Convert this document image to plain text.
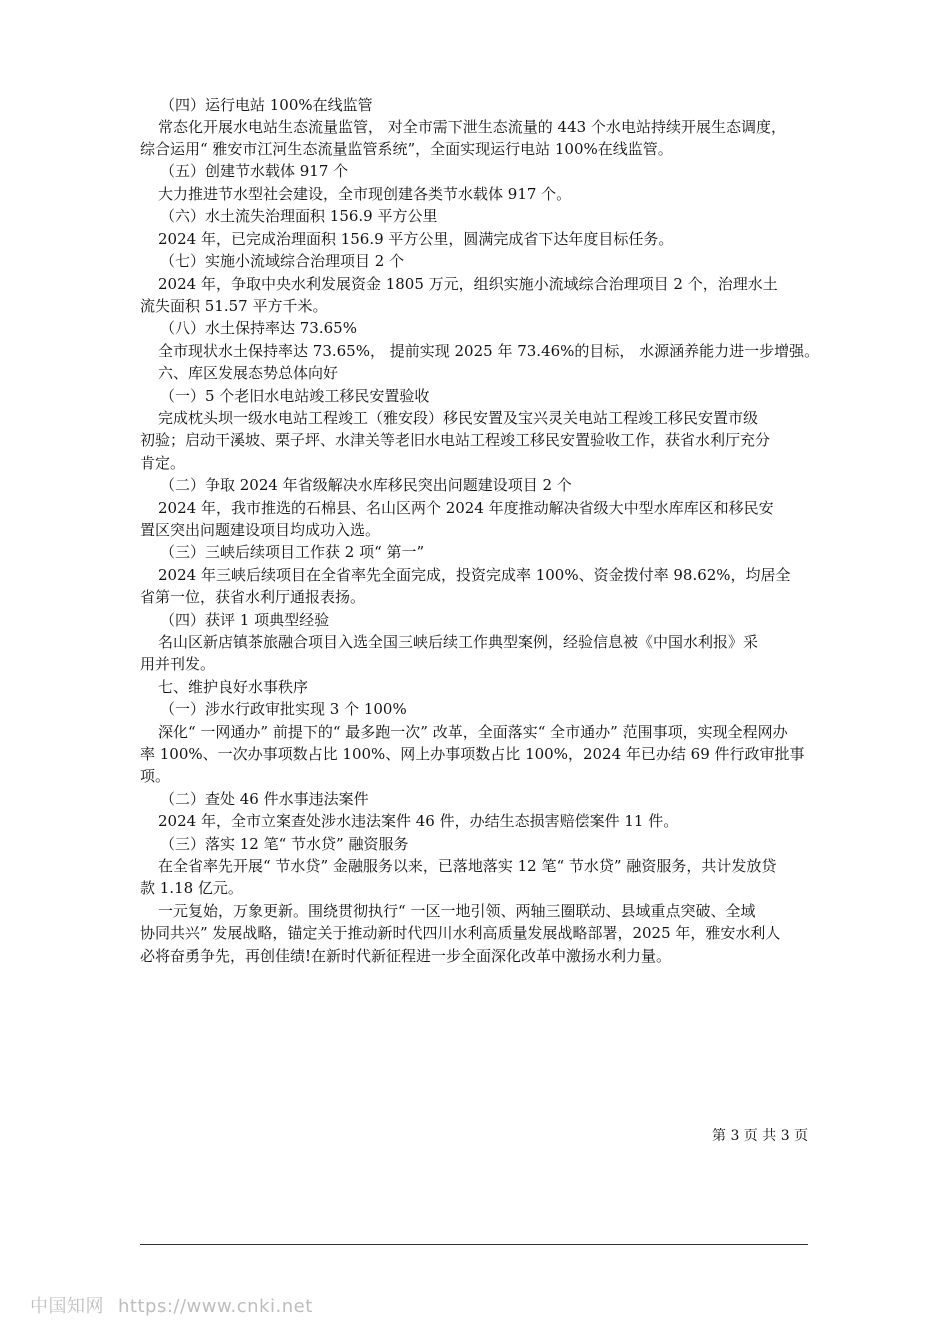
（四）运行电站 100%在线监管
常态化开展水电站生态流量监管， 对全市需下泄生态流量的 443 个水电站持续开展生态调度，
综合运用“ 雅安市江河生态流量监管系统”，全面实现运行电站 100%在线监管。
（五）创建节水载体 917 个
大力推进节水型社会建设，全市现创建各类节水载体 917 个。
（六）水土流失治理面积 156.9 平方公里
2024 年，已完成治理面积 156.9 平方公里，圆满完成省下达年度目标任务。
（七）实施小流域综合治理项目 2 个
2024 年，争取中央水利发展资金 1805 万元，组织实施小流域综合治理项目 2 个，治理水土
流失面积 51.57 平方千米。
（八）水土保持率达 73.65%
全市现状水土保持率达 73.65%， 提前实现 2025 年 73.46%的目标， 水源涵养能力进一步增强。
六、库区发展态势总体向好
（一）5 个老旧水电站竣工移民安置验收
完成枕头坝一级水电站工程竣工（雅安段）移民安置及宝兴灵关电站工程竣工移民安置市级
初验；启动干溪坡、栗子坪、水津关等老旧水电站工程竣工移民安置验收工作，获省水利厅充分
肯定。
（二）争取 2024 年省级解决水库移民突出问题建设项目 2 个
2024 年，我市推选的石棉县、名山区两个 2024 年度推动解决省级大中型水库库区和移民安
置区突出问题建设项目均成功入选。
（三）三峡后续项目工作获 2 项“ 第一”
2024 年三峡后续项目在全省率先全面完成，投资完成率 100%、资金拨付率 98.62%，均居全
省第一位，获省水利厅通报表扬。
（四）获评 1 项典型经验
名山区新店镇茶旅融合项目入选全国三峡后续工作典型案例，经验信息被《中国水利报》采
用并刊发。
七、维护良好水事秩序
（一）涉水行政审批实现 3 个 100%
深化“ 一网通办” 前提下的“ 最多跑一次” 改革，全面落实“ 全市通办” 范围事项，实现全程网办
率 100%、一次办事项数占比 100%、网上办事项数占比 100%，2024 年已办结 69 件行政审批事
项。
（二）查处 46 件水事违法案件
2024 年，全市立案查处涉水违法案件 46 件，办结生态损害赔偿案件 11 件。
（三）落实 12 笔“ 节水贷” 融资服务
在全省率先开展“ 节水贷” 金融服务以来，已落地落实 12 笔“ 节水贷” 融资服务，共计发放贷
款 1.18 亿元。
一元复始，万象更新。围绕贯彻执行“ 一区一地引领、两轴三圈联动、县域重点突破、全域
协同共兴” 发展战略，锚定关于推动新时代四川水利高质量发展战略部署，2025 年，雅安水利人
必将奋勇争先，再创佳绩!在新时代新征程进一步全面深化改革中激扬水利力量。
第 3 页 共 3 页
中国知网 https://www.cnki.net
